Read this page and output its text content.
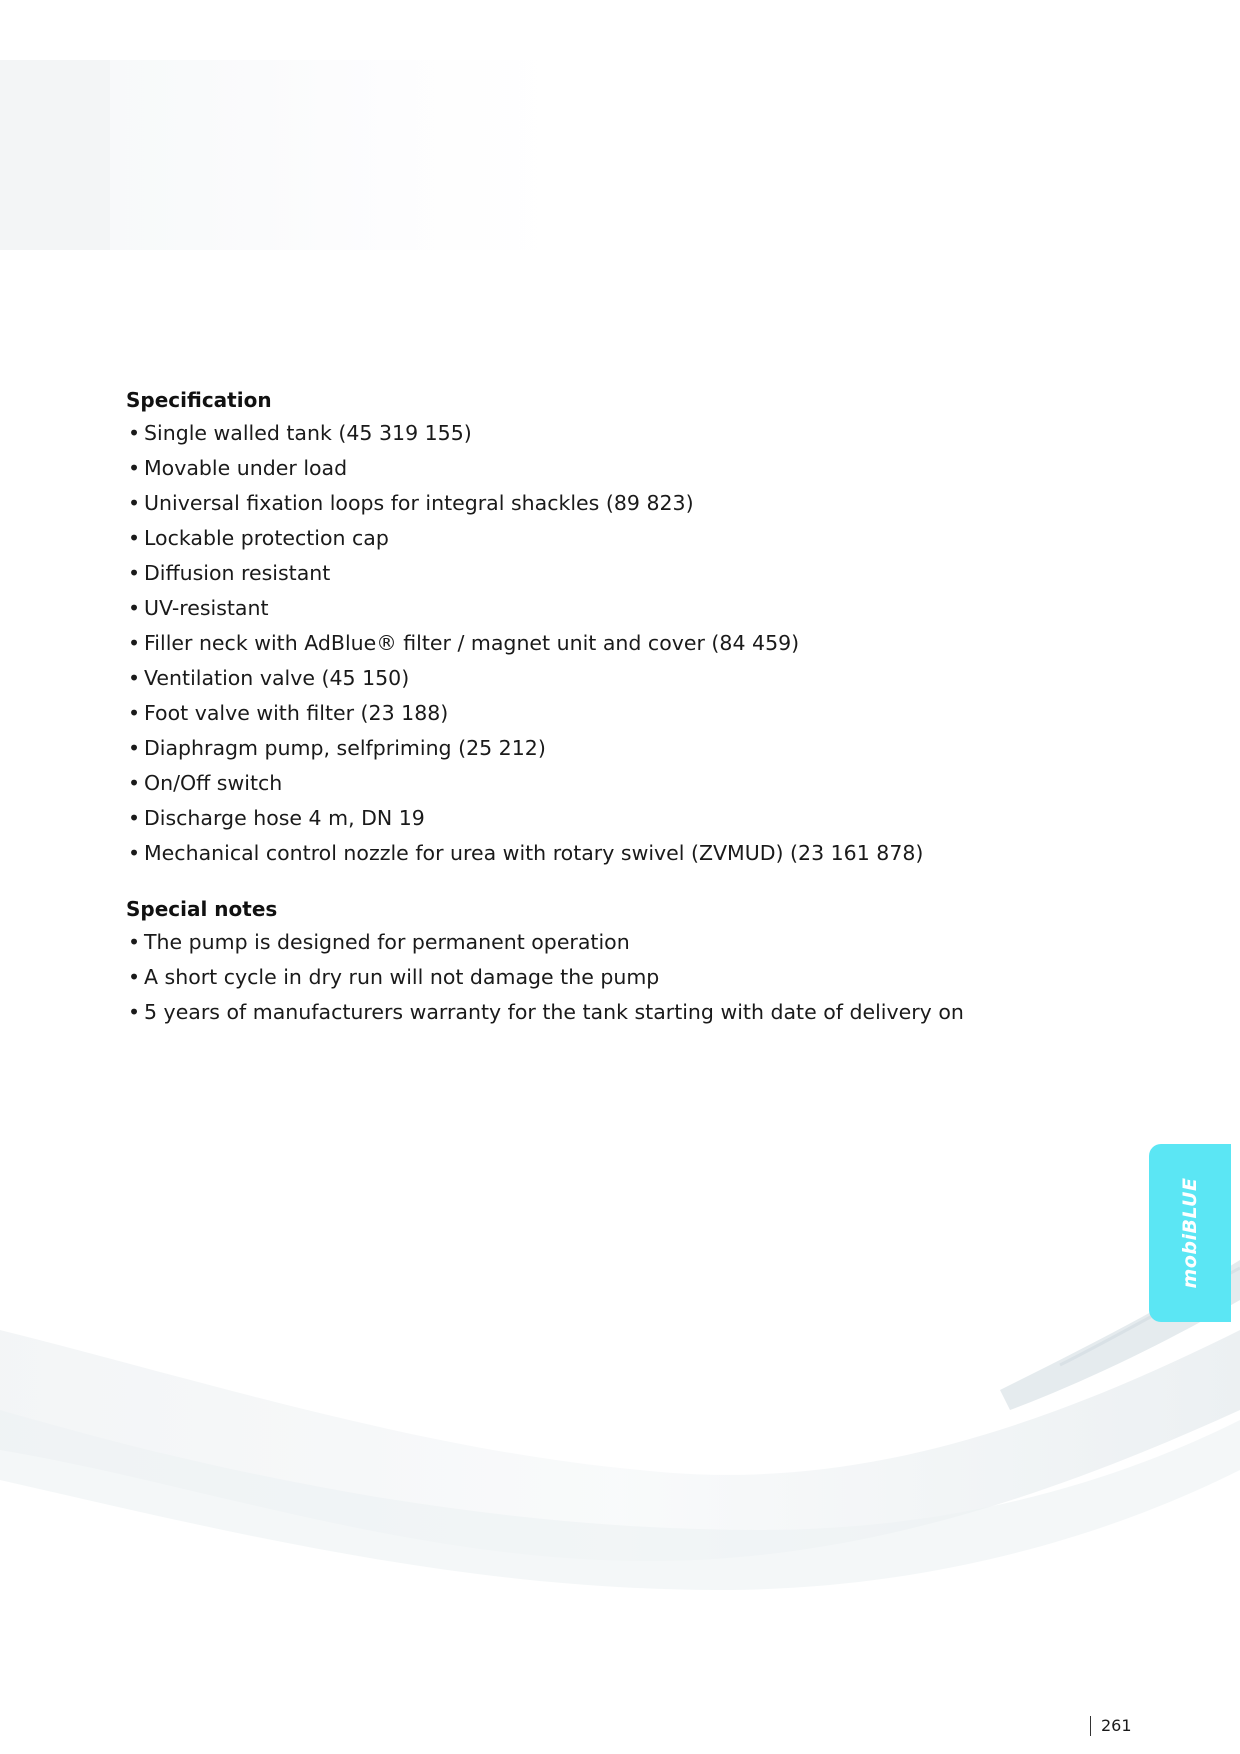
Specification
• Single walled tank (45 319 155)
• Movable under load
• Universal fixation loops for integral shackles (89 823)
• Lockable protection cap
• Diffusion resistant
• UV-resistant
• Filler neck with AdBlue® filter / magnet unit and cover (84 459)
• Ventilation valve (45 150)
• Foot valve with filter (23 188)
• Diaphragm pump, selfpriming (25 212)
• On/Off switch
• Discharge hose 4 m, DN 19
• Mechanical control nozzle for urea with rotary swivel (ZVMUD) (23 161 878)
Special notes
• The pump is designed for permanent operation
• A short cycle in dry run will not damage the pump
• 5 years of manufacturers warranty for the tank starting with date of delivery on
mobiBLUE
261
